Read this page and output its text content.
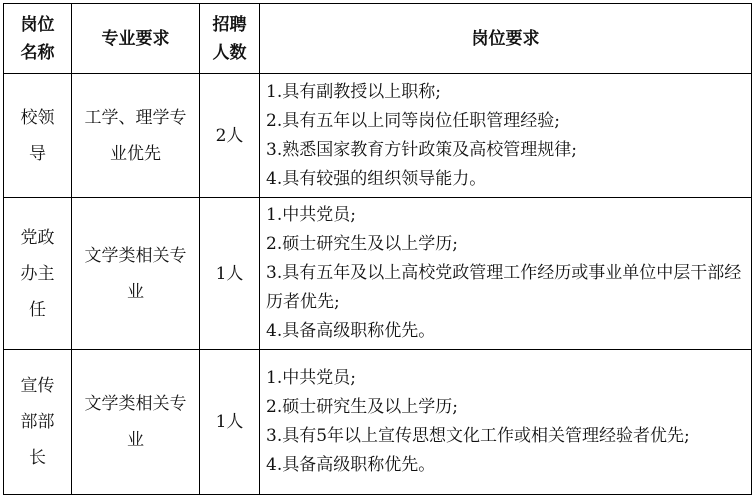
岗位名称	专业要求	招聘人数	岗位要求
校领导	工学、理学专业优先	2人	1.具有副教授以上职称;
2.具有五年以上同等岗位任职管理经验;
3.熟悉国家教育方针政策及高校管理规律;
4.具有较强的组织领导能力。

党政办主任	文学类相关专业	1人	1.中共党员;
2.硕士研究生及以上学历;
3.具有五年及以上高校党政管理工作经历或事业单位中层干部经历者优先;
4.具备高级职称优先。

宣传部部长	文学类相关专业	1人	1.中共党员;
2.硕士研究生及以上学历;
3.具有5年以上宣传思想文化工作或相关管理经验者优先;
4.具备高级职称优先。
